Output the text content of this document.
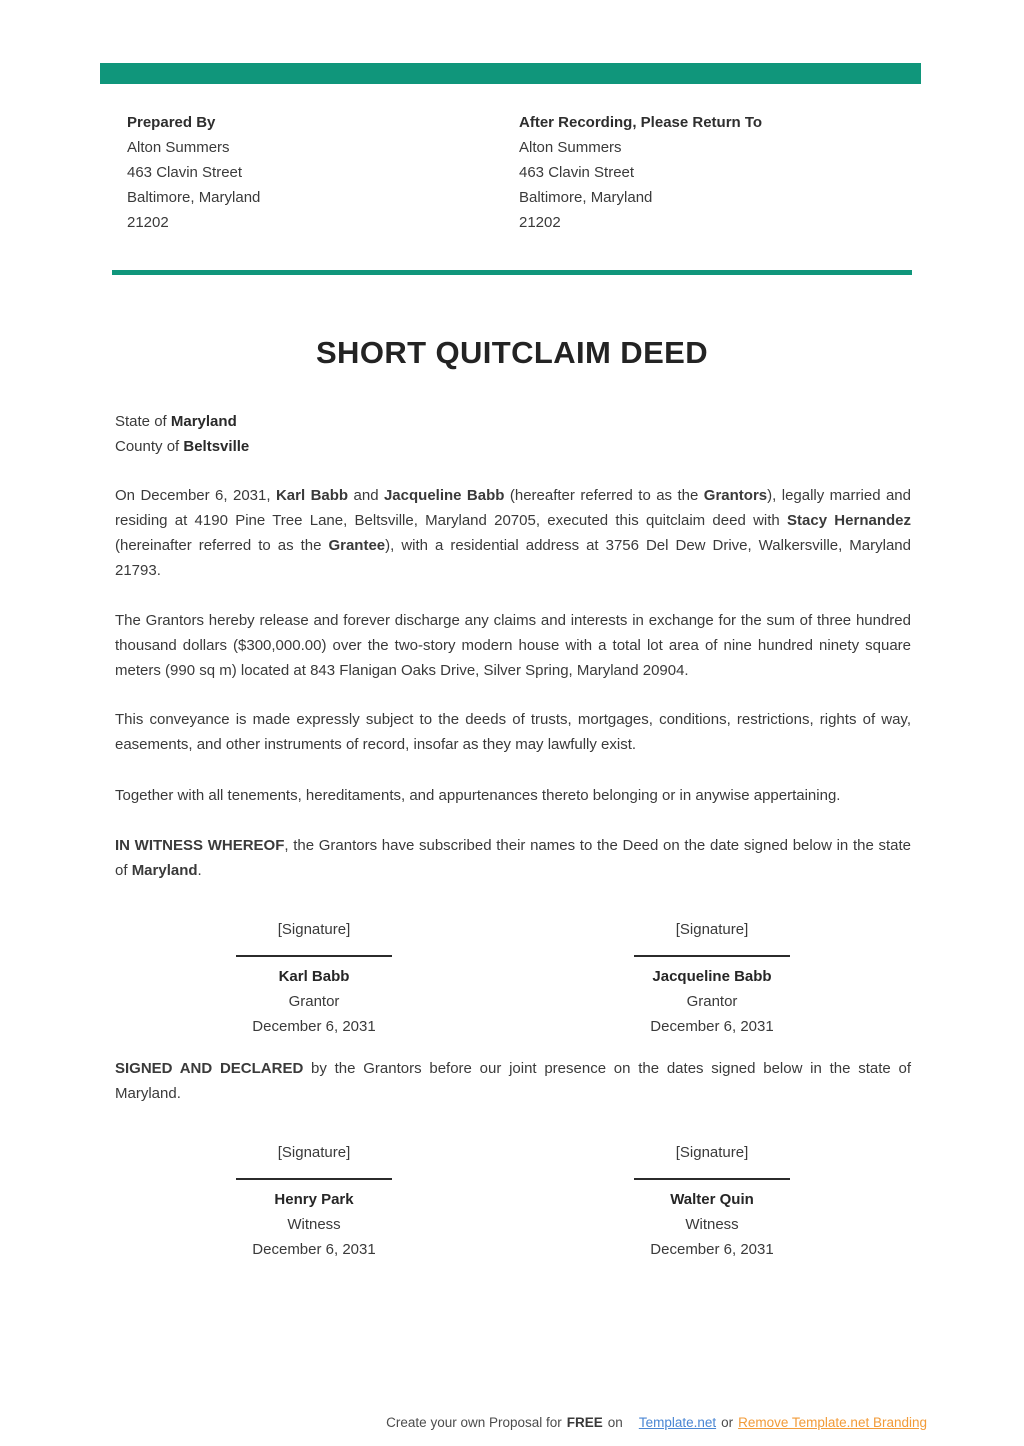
Prepared By
Alton Summers
463 Clavin Street
Baltimore, Maryland
21202
After Recording, Please Return To
Alton Summers
463 Clavin Street
Baltimore, Maryland
21202
SHORT QUITCLAIM DEED
State of Maryland
County of Beltsville

On December 6, 2031, Karl Babb and Jacqueline Babb (hereafter referred to as the Grantors), legally married and residing at 4190 Pine Tree Lane, Beltsville, Maryland 20705, executed this quitclaim deed with Stacy Hernandez (hereinafter referred to as the Grantee), with a residential address at 3756 Del Dew Drive, Walkersville, Maryland 21793.

The Grantors hereby release and forever discharge any claims and interests in exchange for the sum of three hundred thousand dollars ($300,000.00) over the two-story modern house with a total lot area of nine hundred ninety square meters (990 sq m) located at 843 Flanigan Oaks Drive, Silver Spring, Maryland 20904.

This conveyance is made expressly subject to the deeds of trusts, mortgages, conditions, restrictions, rights of way, easements, and other instruments of record, insofar as they may lawfully exist.

Together with all tenements, hereditaments, and appurtenances thereto belonging or in anywise appertaining.

IN WITNESS WHEREOF, the Grantors have subscribed their names to the Deed on the date signed below in the state of Maryland.

[Signature]
Karl Babb
Grantor
December 6, 2031
[Signature]
Jacqueline Babb
Grantor
December 6, 2031

SIGNED AND DECLARED by the Grantors before our joint presence on the dates signed below in the state of Maryland.

[Signature]
Henry Park
Witness
December 6, 2031
[Signature]
Walter Quin
Witness
December 6, 2031
Create your own Proposal for FREE on Template.net or Remove Template.net Branding
